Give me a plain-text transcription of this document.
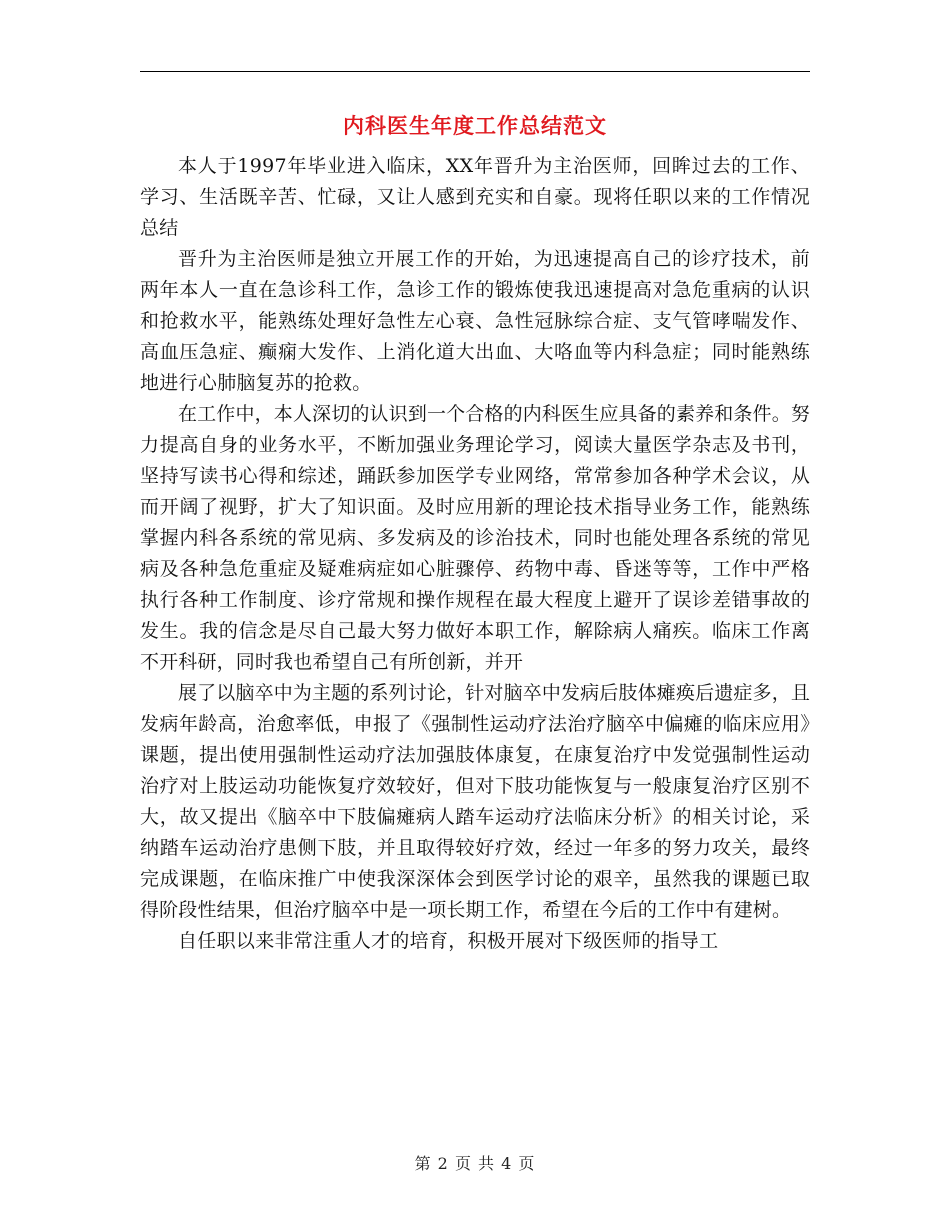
内科医生年度工作总结范文

本人于1997年毕业进入临床，XX年晋升为主治医师，回眸过去的工作、学习、生活既辛苦、忙碌，又让人感到充实和自豪。现将任职以来的工作情况总结

晋升为主治医师是独立开展工作的开始，为迅速提高自己的诊疗技术，前两年本人一直在急诊科工作，急诊工作的锻炼使我迅速提高对急危重病的认识和抢救水平，能熟练处理好急性左心衰、急性冠脉综合症、支气管哮喘发作、高血压急症、癫痫大发作、上消化道大出血、大咯血等内科急症；同时能熟练地进行心肺脑复苏的抢救。

在工作中，本人深切的认识到一个合格的内科医生应具备的素养和条件。努力提高自身的业务水平，不断加强业务理论学习，阅读大量医学杂志及书刊，坚持写读书心得和综述，踊跃参加医学专业网络，常常参加各种学术会议，从而开阔了视野，扩大了知识面。及时应用新的理论技术指导业务工作，能熟练掌握内科各系统的常见病、多发病及的诊治技术，同时也能处理各系统的常见病及各种急危重症及疑难病症如心脏骤停、药物中毒、昏迷等等，工作中严格执行各种工作制度、诊疗常规和操作规程在最大程度上避开了误诊差错事故的发生。我的信念是尽自己最大努力做好本职工作，解除病人痛疾。临床工作离不开科研，同时我也希望自己有所创新，并开

展了以脑卒中为主题的系列讨论，针对脑卒中发病后肢体瘫痪后遗症多，且发病年龄高，治愈率低，申报了《强制性运动疗法治疗脑卒中偏瘫的临床应用》课题，提出使用强制性运动疗法加强肢体康复，在康复治疗中发觉强制性运动治疗对上肢运动功能恢复疗效较好，但对下肢功能恢复与一般康复治疗区别不大，故又提出《脑卒中下肢偏瘫病人踏车运动疗法临床分析》的相关讨论，采纳踏车运动治疗患侧下肢，并且取得较好疗效，经过一年多的努力攻关，最终完成课题，在临床推广中使我深深体会到医学讨论的艰辛，虽然我的课题已取得阶段性结果，但治疗脑卒中是一项长期工作，希望在今后的工作中有建树。

自任职以来非常注重人才的培育，积极开展对下级医师的指导工

第 2 页 共 4 页
